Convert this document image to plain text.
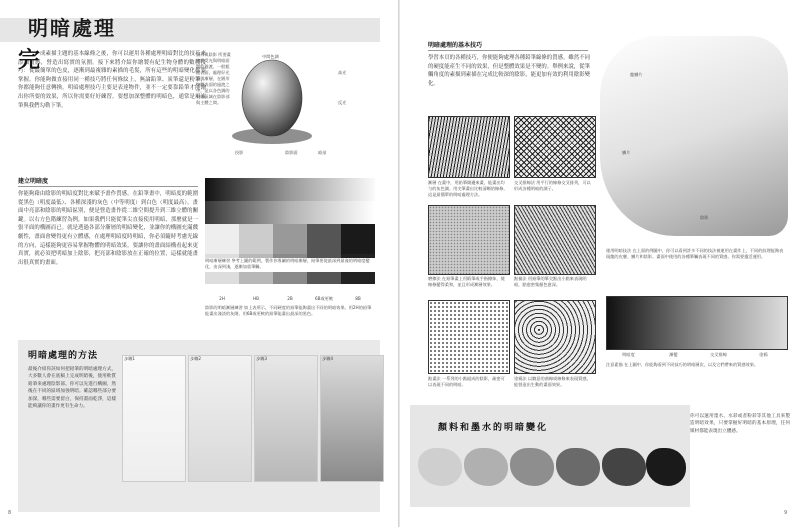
明暗處理
完 成素描主題的基本線條之後，你可以運用各種處理明暗對比的技巧來添加質感，營造出寫實的氛圍。接下來將介紹你繪製有紀生物身體的數種技巧：從最簡單的色皮，逐漸到最複雜的素描的毛髮，所有這些的明暗變化都要掌握。你能夠做直接用同一種技巧將任何條紋上，無論鉛筆、炭筆還是粉筆，你都能夠任意轉換。明暗處理技巧主要是表達物件，並不一定要靠鉛筆才能繪出你所要的效果，所以你需要好好練習。要想加深整體的明暗色，通常是用炭筆與我們勾勒下筆。
圓形與陰影 所要畫物體受光與明暗面間的過渡，一般粗糙表面，處理好光源與漸層，在圓形物體表面的過渡之中，是以各色調的較暗區域在陰影部與主體之間。
中間色調
高光
反光
投影	陰影面	暗部
建立明暗度
你能夠藉由陰影的明暗度對比來賦予畫作質感。在鉛筆畫中，明暗度的範圍從黑色（明度最低）、各種深淺的灰色（中等明度）到白色（明度最高）。畫面中亮部和陰影的明暗區別，便是營造畫作從二維空間提升到三維立體的關鍵。以右方色階練習為例，如果我們只能從筆尖直接使用明暗，那麼就是一張平面的構圖而已。就是透過各部分漸層的明暗變化，並讓你的構圖充滿戲劇性，畫面會變得更有立體感，在處理明暗度時明暗，你必須隨時考慮光線的方向，這樣能夠更容易掌握物體的明暗效果。要讓你的畫面結構看起來更真實，就必須把明暗加上陰影，把亮部和陰影放在正確的位置，這樣就能畫出很真實的畫面。	明暗漸層練習 參考上圖的範例，製作你專屬的明暗漸層，鉛筆要從最深到最淺的明暗度變化，由深到淺，逐漸加重筆觸。
2H	HB	2B	6B或更軟	8B
陰影的明暗漸層練習 如上表所示，不同硬度的鉛筆能夠畫出不同的明暗效果。用2H的鉛筆能畫出淺淡的灰階，用6B或更軟的鉛筆能畫出最深的黑色。
明暗處理的方法
最後介紹你該如何把鉛筆的明暗處理方式，大多數人會在底稿上完成明暗後，使用軟質鉛筆來處理陰影部。你可以先進行構圖，然後在不同的區域加強明暗。確認哪些部分要加深，哪些需要留白，保持畫面乾淨，這樣能夠讓你的畫作更有生命力。
步驟1	步驟2	步驟3	步驟4
8
明暗處理的基本技巧
學習本頁的各種技巧，你便能夠處理各種鉛筆線條的質感。雖然不同的硬度能產生不同的效果，但是整體效果是不變的。舉例來說，從筆觸角度的素描到素描在完成比較深的陰影，能更加有效的利用陰影變化。
漸層 在畫中，用鉛筆側邊來畫，能畫出均勻的灰色調。用尖筆畫出比較清晰的線條，這是最簡單的明暗處理方法。
交叉排線法 用平行的線條交叉排列，可以形成各種明暗的調子。
磨擦法 在鉛筆畫上用紙筆或手指擦抹，使線條變得柔和，並且形成漸層效果。
點描法 用鉛筆的筆尖點出小點來表現明暗，點愈密集顏色愈深。
點畫法 一系列的小點組成的陰影，疏密可以表現不同的明暗。
塗鴉法 以隨意的曲線或線條來表現質感，能營造出生動的畫面效果。
龍鱗片
鱗片
陰影
運用明暗技法 在上面的例圖中，你可以看到許多不同的技法被運用在畫作上，不同的紋理能夠表現龍的皮膚、鱗片和陰影。畫面中使用的各種筆觸表現不同的質感，你需要靈活運用。
明暗度	漸變	交叉排線	塗鴉
注意素描 在上圖中，你能夠看到不同技巧的明暗層次，以及它們帶來的質感效果。
9
顏料和墨水的明暗變化
你可以運用墨水、水彩或者粉彩等其他工具來製造明暗效果，只要掌握好明暗的基本原理，任何媒材都能表現出立體感。
